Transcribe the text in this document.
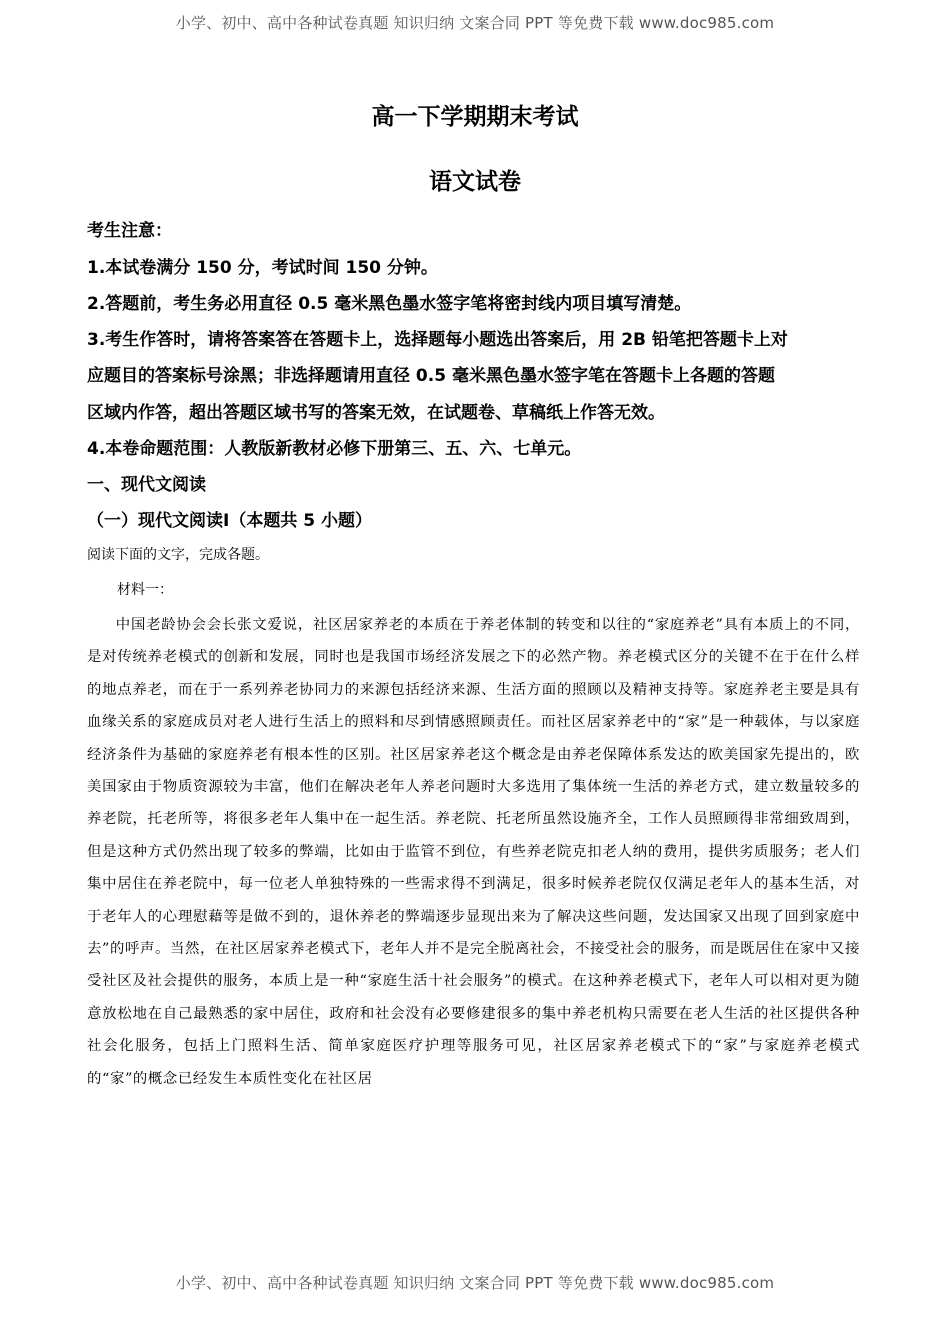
小学、初中、高中各种试卷真题 知识归纳 文案合同 PPT 等免费下载 www.doc985.com
高一下学期期末考试
语文试卷
考生注意：
1.本试卷满分 150 分，考试时间 150 分钟。
2.答题前，考生务必用直径 0.5 毫米黑色墨水签字笔将密封线内项目填写清楚。
3.考生作答时，请将答案答在答题卡上，选择题每小题选出答案后，用 2B 铅笔把答题卡上对
应题目的答案标号涂黑；非选择题请用直径 0.5 毫米黑色墨水签字笔在答题卡上各题的答题
区域内作答，超出答题区域书写的答案无效，在试题卷、草稿纸上作答无效。
4.本卷命题范围：人教版新教材必修下册第三、五、六、七单元。
一、现代文阅读
（一）现代文阅读Ⅰ（本题共 5 小题）
阅读下面的文字，完成各题。
材料一：

中国老龄协会会长张文爱说，社区居家养老的本质在于养老体制的转变和以往的“家庭养老”具有本质上的不同，是对传统养老模式的创新和发展，同时也是我国市场经济发展之下的必然产物。养老模式区分的关键不在于在什么样的地点养老，而在于一系列养老协同力的来源包括经济来源、生活方面的照顾以及精神支持等。家庭养老主要是具有血缘关系的家庭成员对老人进行生活上的照料和尽到情感照顾责任。而社区居家养老中的“家”是一种载体，与以家庭经济条件为基础的家庭养老有根本性的区别。社区居家养老这个概念是由养老保障体系发达的欧美国家先提出的，欧美国家由于物质资源较为丰富，他们在解决老年人养老问题时大多选用了集体统一生活的养老方式，建立数量较多的养老院，托老所等，将很多老年人集中在一起生活。养老院、托老所虽然设施齐全，工作人员照顾得非常细致周到，但是这种方式仍然出现了较多的弊端，比如由于监管不到位，有些养老院克扣老人纳的费用，提供劣质服务；老人们集中居住在养老院中，每一位老人单独特殊的一些需求得不到满足，很多时候养老院仅仅满足老年人的基本生活，对于老年人的心理慰藉等是做不到的，退休养老的弊端逐步显现出来为了解决这些问题，发达国家又出现了回到家庭中去”的呼声。当然，在社区居家养老模式下，老年人并不是完全脱离社会，不接受社会的服务，而是既居住在家中又接受社区及社会提供的服务，本质上是一种“家庭生活十社会服务”的模式。在这种养老模式下，老年人可以相对更为随意放松地在自己最熟悉的家中居住，政府和社会没有必要修建很多的集中养老机构只需要在老人生活的社区提供各种社会化服务，包括上门照料生活、简单家庭医疗护理等服务可见，社区居家养老模式下的“家”与家庭养老模式的“家”的概念已经发生本质性变化在社区居

小学、初中、高中各种试卷真题 知识归纳 文案合同 PPT 等免费下载 www.doc985.com
